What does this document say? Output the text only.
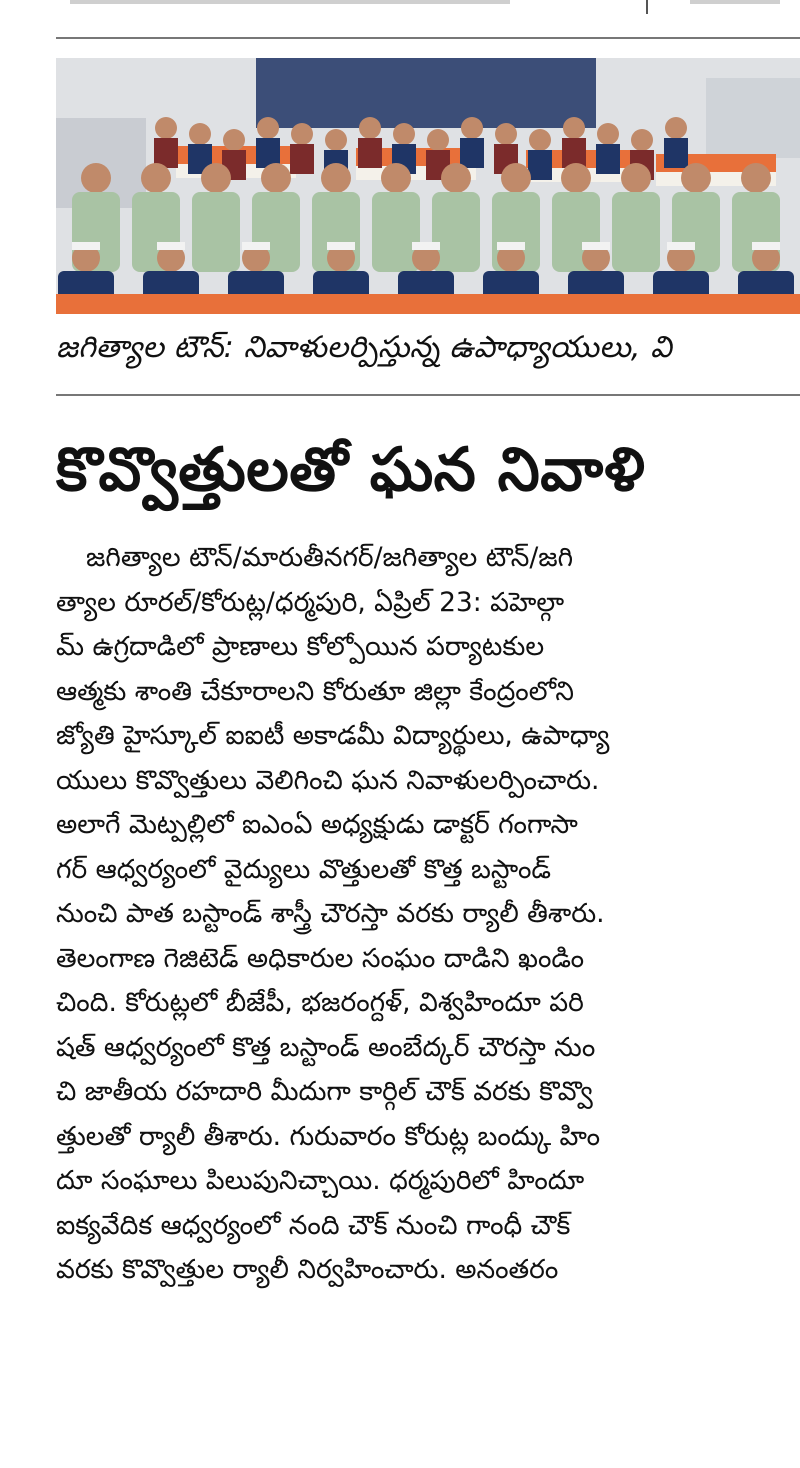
జగిత్యాల టౌన్: నివాళులర్పిస్తున్న ఉపాధ్యాయులు, వి
కొవ్వొత్తులతో ఘన నివాళి
జగిత్యాల టౌన్/మారుతీనగర్/జగిత్యాల టౌన్/జగి
త్యాల రూరల్/కోరుట్ల/ధర్మపురి, ఏప్రిల్ 23: పహెల్గా
మ్ ఉగ్రదాడిలో ప్రాణాలు కోల్పోయిన పర్యాటకుల
ఆత్మకు శాంతి చేకూరాలని కోరుతూ జిల్లా కేంద్రంలోని
జ్యోతి హైస్కూల్ ఐఐటీ అకాడమీ విద్యార్థులు, ఉపాధ్యా
యులు కొవ్వొత్తులు వెలిగించి ఘన నివాళులర్పించారు.
అలాగే మెట్పల్లిలో ఐఎంఏ అధ్యక్షుడు డాక్టర్ గంగాసా
గర్ ఆధ్వర్యంలో వైద్యులు వొత్తులతో కొత్త బస్టాండ్
నుంచి పాత బస్టాండ్ శాస్త్రీ చౌరస్తా వరకు ర్యాలీ తీశారు.
తెలంగాణ గెజిటెడ్ అధికారుల సంఘం దాడిని ఖండిం
చింది. కోరుట్లలో బీజేపీ, భజరంగ్దళ్, విశ్వహిందూ పరి
షత్ ఆధ్వర్యంలో కొత్త బస్టాండ్ అంబేద్కర్ చౌరస్తా నుం
చి జాతీయ రహదారి మీదుగా కార్గిల్ చౌక్ వరకు కొవ్వొ
త్తులతో ర్యాలీ తీశారు. గురువారం కోరుట్ల బంద్కు హిం
దూ సంఘాలు పిలుపునిచ్చాయి. ధర్మపురిలో హిందూ
ఐక్యవేదిక ఆధ్వర్యంలో నంది చౌక్ నుంచి గాంధీ చౌక్
వరకు కొవ్వొత్తుల ర్యాలీ నిర్వహించారు. అనంతరం
